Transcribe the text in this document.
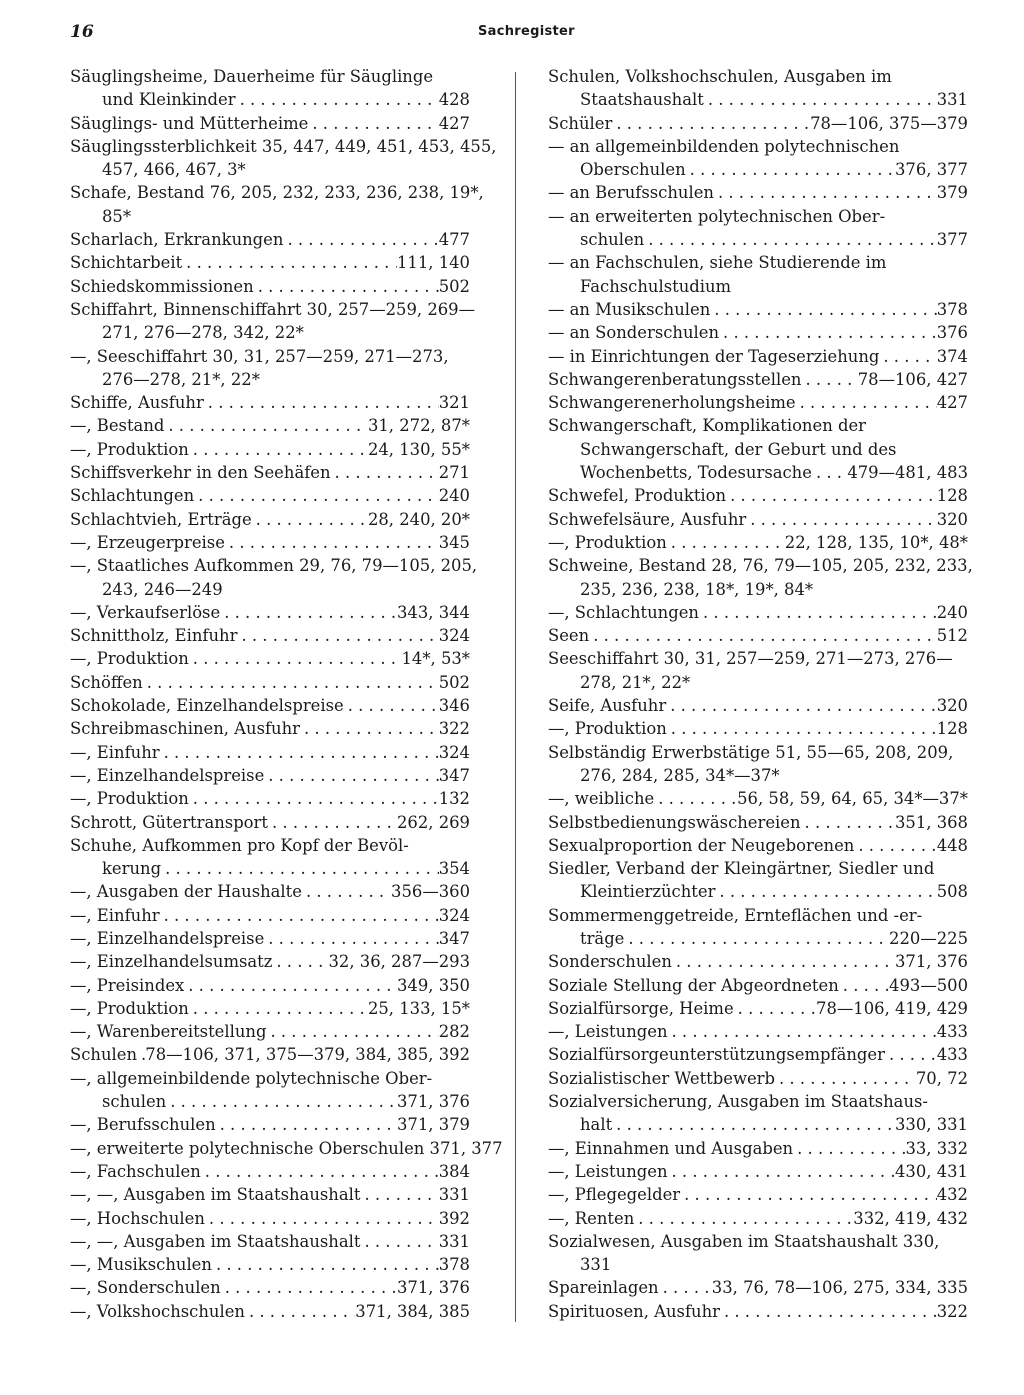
16	Sachregister
Säuglingsheime, Dauerheime für Säuglinge
und Kleinkinder . . .	428
Säuglings- und Mütterheime . . .	427
Säuglingssterblichkeit 35, 447, 449, 451, 453, 455,
457, 466, 467, 3*
Schafe, Bestand 76, 205, 232, 233, 236, 238, 19*,
85*
Scharlach, Erkrankungen . . .	477
Schichtarbeit . . .	111, 140
Schiedskommissionen . . .	502
Schiffahrt, Binnenschiffahrt 30, 257—259, 269—
271, 276—278, 342, 22*
—, Seeschiffahrt 30, 31, 257—259, 271—273,
276—278, 21*, 22*
Schiffe, Ausfuhr . . .	321
—, Bestand . . .	31, 272, 87*
—, Produktion . . .	24, 130, 55*
Schiffsverkehr in den Seehäfen . . .	271
Schlachtungen . . .	240
Schlachtvieh, Erträge . . .	28, 240, 20*
—, Erzeugerpreise . . .	345
—, Staatliches Aufkommen 29, 76, 79—105, 205,
243, 246—249
—, Verkaufserlöse . . .	343, 344
Schnittholz, Einfuhr . . .	324
—, Produktion . . .	14*, 53*
Schöffen . . .	502
Schokolade, Einzelhandelspreise . . .	346
Schreibmaschinen, Ausfuhr . . .	322
—, Einfuhr . . .	324
—, Einzelhandelspreise . . .	347
—, Produktion . . .	132
Schrott, Gütertransport . . .	262, 269
Schuhe, Aufkommen pro Kopf der Bevöl-
kerung . . .	354
—, Ausgaben der Haushalte . . .	356—360
—, Einfuhr . . .	324
—, Einzelhandelspreise . . .	347
—, Einzelhandelsumsatz . . .	32, 36, 287—293
—, Preisindex . . .	349, 350
—, Produktion . . .	25, 133, 15*
—, Warenbereitstellung . . .	282
Schulen . . . 78—106, 371, 375—379, 384, 385, 392
—, allgemeinbildende polytechnische Ober-
schulen . . .	371, 376
—, Berufsschulen . . .	371, 379
—, erweiterte polytechnische Oberschulen 371, 377
—, Fachschulen . . .	384
—, —, Ausgaben im Staatshaushalt . . .	331
—, Hochschulen . . .	392
—, —, Ausgaben im Staatshaushalt . . .	331
—, Musikschulen . . .	378
—, Sonderschulen . . .	371, 376
—, Volkshochschulen . . .	371, 384, 385
Schulen, Volkshochschulen, Ausgaben im
Staatshaushalt . . .	331
Schüler . . .	78—106, 375—379
— an allgemeinbildenden polytechnischen
Oberschulen . . .	376, 377
— an Berufsschulen . . .	379
— an erweiterten polytechnischen Ober-
schulen . . .	377
— an Fachschulen, siehe Studierende im
Fachschulstudium
— an Musikschulen . . .	378
— an Sonderschulen . . .	376
— in Einrichtungen der Tageserziehung . . .	374
Schwangerenberatungsstellen . . .	78—106, 427
Schwangerenerholungsheime . . .	427
Schwangerschaft, Komplikationen der
Schwangerschaft, der Geburt und des
Wochenbetts, Todesursache . . . 479—481, 483
Schwefel, Produktion . . .	128
Schwefelsäure, Ausfuhr . . .	320
—, Produktion . . .	22, 128, 135, 10*, 48*
Schweine, Bestand 28, 76, 79—105, 205, 232, 233,
235, 236, 238, 18*, 19*, 84*
—, Schlachtungen . . .	240
Seen . . .	512
Seeschiffahrt 30, 31, 257—259, 271—273, 276—
278, 21*, 22*
Seife, Ausfuhr . . .	320
—, Produktion . . .	128
Selbständig Erwerbstätige 51, 55—65, 208, 209,
276, 284, 285, 34*—37*
—, weibliche . . .	56, 58, 59, 64, 65, 34*—37*
Selbstbedienungswäschereien . . .	351, 368
Sexualproportion der Neugeborenen . . .	448
Siedler, Verband der Kleingärtner, Siedler und
Kleintierzüchter . . .	508
Sommermenggetreide, Ernteflächen und -er-
träge . . .	220—225
Sonderschulen . . .	371, 376
Soziale Stellung der Abgeordneten . . .	493—500
Sozialfürsorge, Heime . . .	78—106, 419, 429
—, Leistungen . . .	433
Sozialfürsorgeunterstützungsempfänger . . .	433
Sozialistischer Wettbewerb . . .	70, 72
Sozialversicherung, Ausgaben im Staatshaus-
halt . . .	330, 331
—, Einnahmen und Ausgaben . . .	33, 332
—, Leistungen . . .	430, 431
—, Pflegegelder . . .	432
—, Renten . . .	332, 419, 432
Sozialwesen, Ausgaben im Staatshaushalt 330,
331
Spareinlagen . . .	33, 76, 78—106, 275, 334, 335
Spirituosen, Ausfuhr . . .	322
